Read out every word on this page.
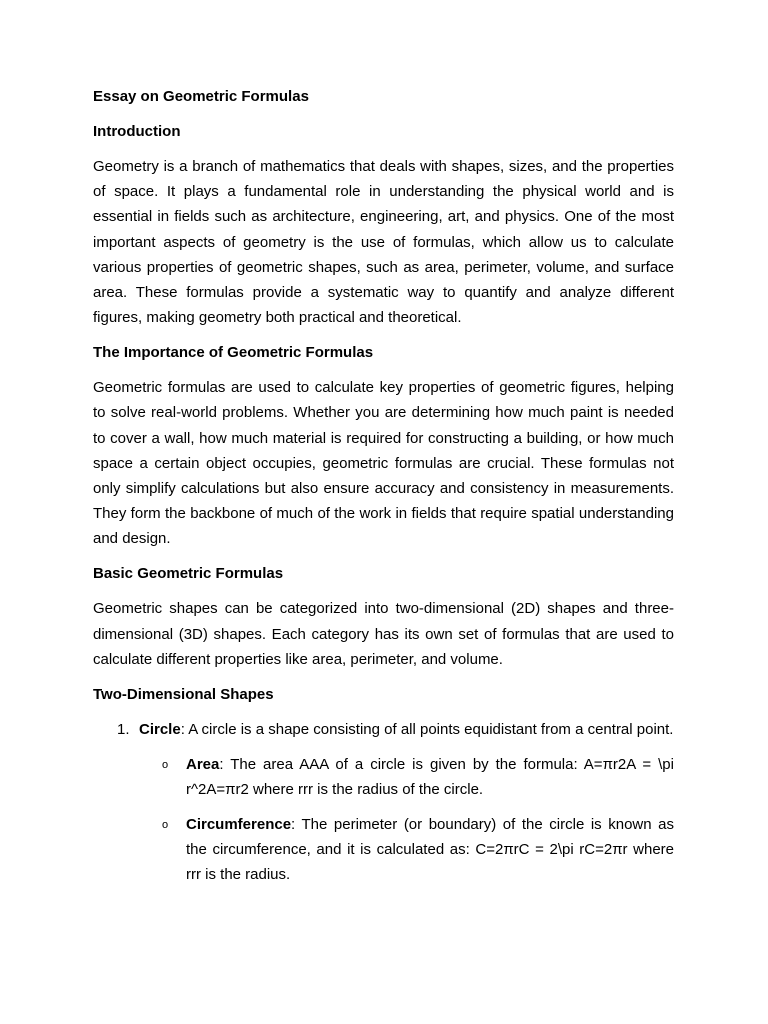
Essay on Geometric Formulas
Introduction
Geometry is a branch of mathematics that deals with shapes, sizes, and the properties of space. It plays a fundamental role in understanding the physical world and is essential in fields such as architecture, engineering, art, and physics. One of the most important aspects of geometry is the use of formulas, which allow us to calculate various properties of geometric shapes, such as area, perimeter, volume, and surface area. These formulas provide a systematic way to quantify and analyze different figures, making geometry both practical and theoretical.
The Importance of Geometric Formulas
Geometric formulas are used to calculate key properties of geometric figures, helping to solve real-world problems. Whether you are determining how much paint is needed to cover a wall, how much material is required for constructing a building, or how much space a certain object occupies, geometric formulas are crucial. These formulas not only simplify calculations but also ensure accuracy and consistency in measurements. They form the backbone of much of the work in fields that require spatial understanding and design.
Basic Geometric Formulas
Geometric shapes can be categorized into two-dimensional (2D) shapes and three-dimensional (3D) shapes. Each category has its own set of formulas that are used to calculate different properties like area, perimeter, and volume.
Two-Dimensional Shapes
1. Circle: A circle is a shape consisting of all points equidistant from a central point.
o Area: The area AAA of a circle is given by the formula: A=πr2A = \pi r^2A=πr2 where rrr is the radius of the circle.
o Circumference: The perimeter (or boundary) of the circle is known as the circumference, and it is calculated as: C=2πrC = 2\pi rC=2πr where rrr is the radius.
